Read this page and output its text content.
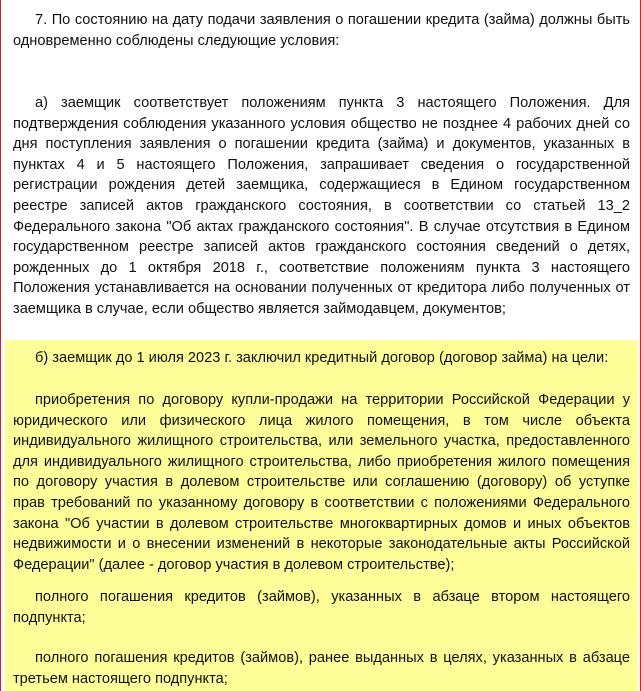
7. По состоянию на дату подачи заявления о погашении кредита (займа) должны быть одновременно соблюдены следующие условия:

а) заемщик соответствует положениям пункта 3 настоящего Положения. Для подтверждения соблюдения указанного условия общество не позднее 4 рабочих дней со дня поступления заявления о погашении кредита (займа) и документов, указанных в пунктах 4 и 5 настоящего Положения, запрашивает сведения о государственной регистрации рождения детей заемщика, содержащиеся в Едином государственном реестре записей актов гражданского состояния, в соответствии со статьей 13_2 Федерального закона "Об актах гражданского состояния". В случае отсутствия в Едином государственном реестре записей актов гражданского состояния сведений о детях, рожденных до 1 октября 2018 г., соответствие положениям пункта 3 настоящего Положения устанавливается на основании полученных от кредитора либо полученных от заемщика в случае, если общество является займодавцем, документов;

б) заемщик до 1 июля 2023 г. заключил кредитный договор (договор займа) на цели:

приобретения по договору купли-продажи на территории Российской Федерации у юридического или физического лица жилого помещения, в том числе объекта индивидуального жилищного строительства, или земельного участка, предоставленного для индивидуального жилищного строительства, либо приобретения жилого помещения по договору участия в долевом строительстве или соглашению (договору) об уступке прав требований по указанному договору в соответствии с положениями Федерального закона "Об участии в долевом строительстве многоквартирных домов и иных объектов недвижимости и о внесении изменений в некоторые законодательные акты Российской Федерации" (далее - договор участия в долевом строительстве);

полного погашения кредитов (займов), указанных в абзаце втором настоящего подпункта;

полного погашения кредитов (займов), ранее выданных в целях, указанных в абзаце третьем настоящего подпункта;
